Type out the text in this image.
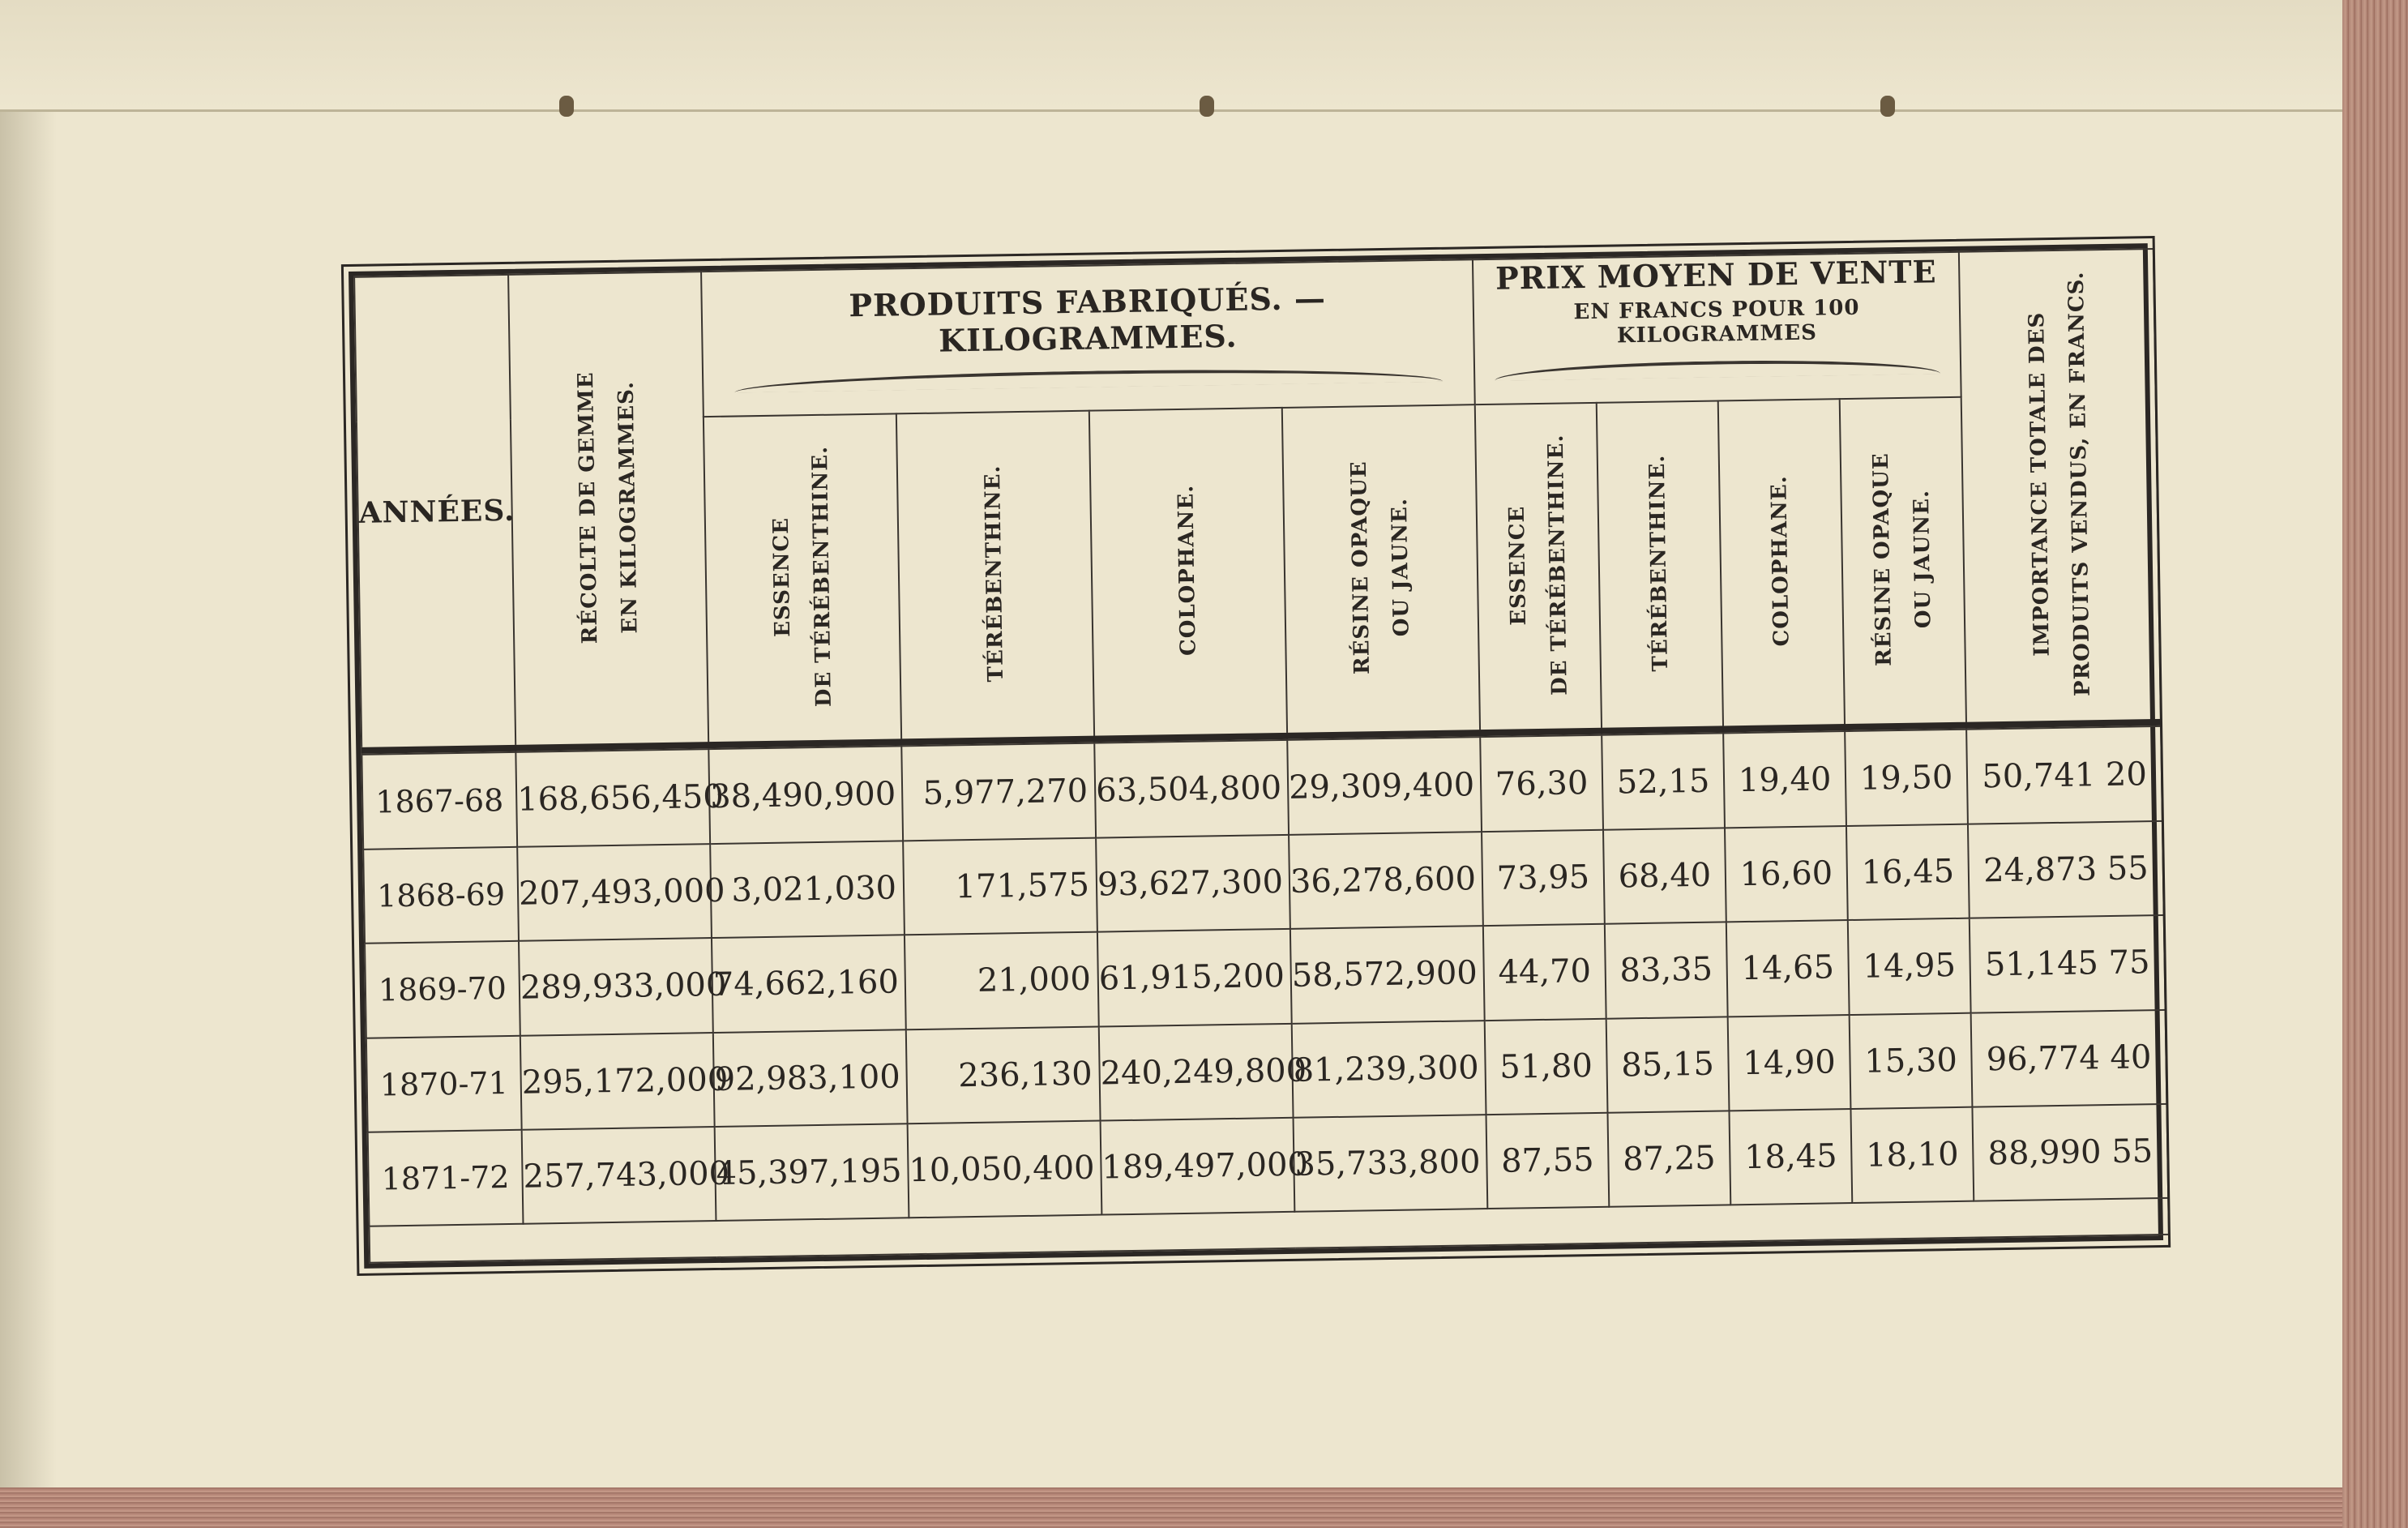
ANNÉES.	RÉCOLTE DE GEMME EN KILOGRAMMES.	PRODUITS FABRIQUÉS. — KILOGRAMMES.				PRIX MOYEN DE VENTE
EN FRANCS POUR 100 KILOGRAMMES				IMPORTANCE TOTALE DES PRODUITS VENDUS, EN FRANCS.
		ESSENCE DE TÉRÉBENTHINE.	TÉRÉBENTHINE.	COLOPHANE.	RÉSINE OPAQUE OU JAUNE.	ESSENCE DE TÉRÉBENTHINE.	TÉRÉBENTHINE.	COLOPHANE.	RÉSINE OPAQUE OU JAUNE.	

1867-68	168,656,450	38,490,900	5,977,270	63,504,800	29,309,400	76,30	52,15	19,40	19,50	50,741 20
1868-69	207,493,000	3,021,030	171,575	93,627,300	36,278,600	73,95	68,40	16,60	16,45	24,873 55
1869-70	289,933,000	74,662,160	21,000	61,915,200	58,572,900	44,70	83,35	14,65	14,95	51,145 75
1870-71	295,172,000	92,983,100	236,130	240,249,800	81,239,300	51,80	85,15	14,90	15,30	96,774 40
1871-72	257,743,000	45,397,195	10,050,400	189,497,000	35,733,800	87,55	87,25	18,45	18,10	88,990 55
